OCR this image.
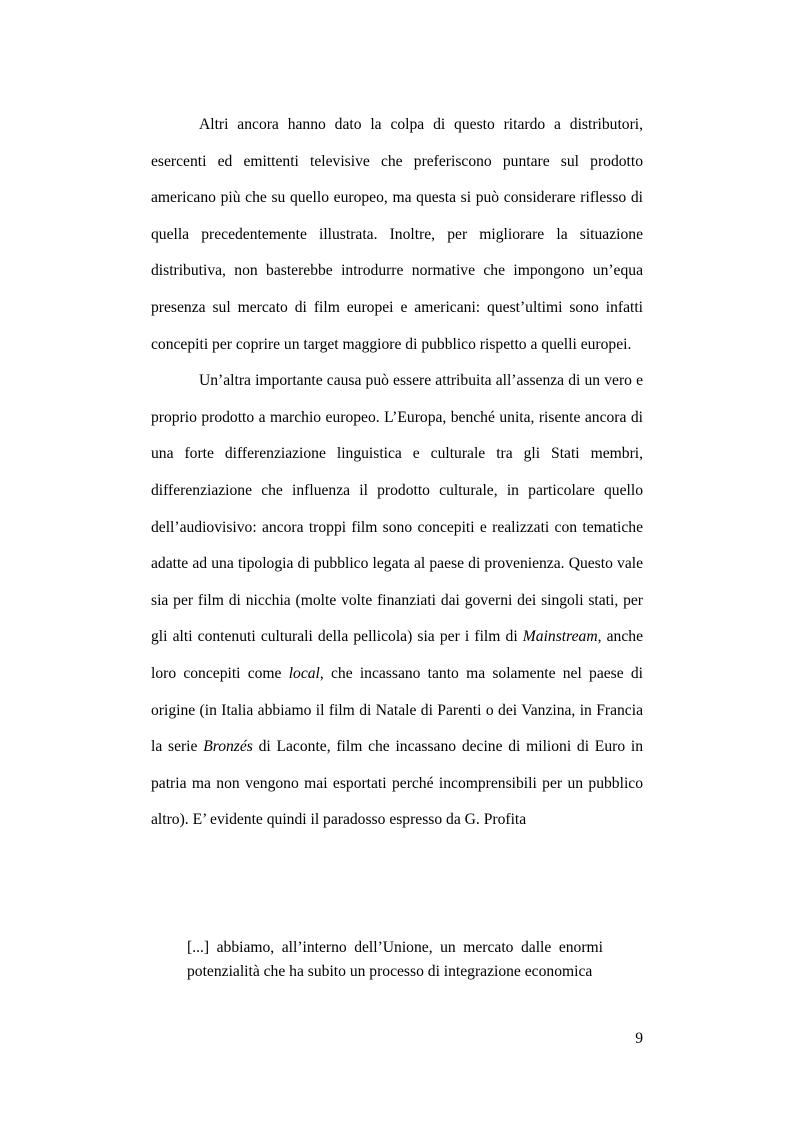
Altri ancora hanno dato la colpa di questo ritardo a distributori, esercenti ed emittenti televisive che preferiscono puntare sul prodotto americano più che su quello europeo, ma questa si può considerare riflesso di quella precedentemente illustrata. Inoltre, per migliorare la situazione distributiva, non basterebbe introdurre normative che impongono un’equa presenza sul mercato di film europei e americani: quest’ultimi sono infatti concepiti per coprire un target maggiore di pubblico rispetto a quelli europei.

Un’altra importante causa può essere attribuita all’assenza di un vero e proprio prodotto a marchio europeo. L’Europa, benché unita, risente ancora di una forte differenziazione linguistica e culturale tra gli Stati membri, differenziazione che influenza il prodotto culturale, in particolare quello dell’audiovisivo: ancora troppi film sono concepiti e realizzati con tematiche adatte ad una tipologia di pubblico legata al paese di provenienza. Questo vale sia per film di nicchia (molte volte finanziati dai governi dei singoli stati, per gli alti contenuti culturali della pellicola) sia per i film di Mainstream, anche loro concepiti come local, che incassano tanto ma solamente nel paese di origine (in Italia abbiamo il film di Natale di Parenti o dei Vanzina, in Francia la serie Bronzés di Laconte, film che incassano decine di milioni di Euro in patria ma non vengono mai esportati perché incomprensibili per un pubblico altro). E’ evidente quindi il paradosso espresso da G. Profita

[...] abbiamo, all’interno dell’Unione, un mercato dalle enormi potenzialità che ha subito un processo di integrazione economica

9
